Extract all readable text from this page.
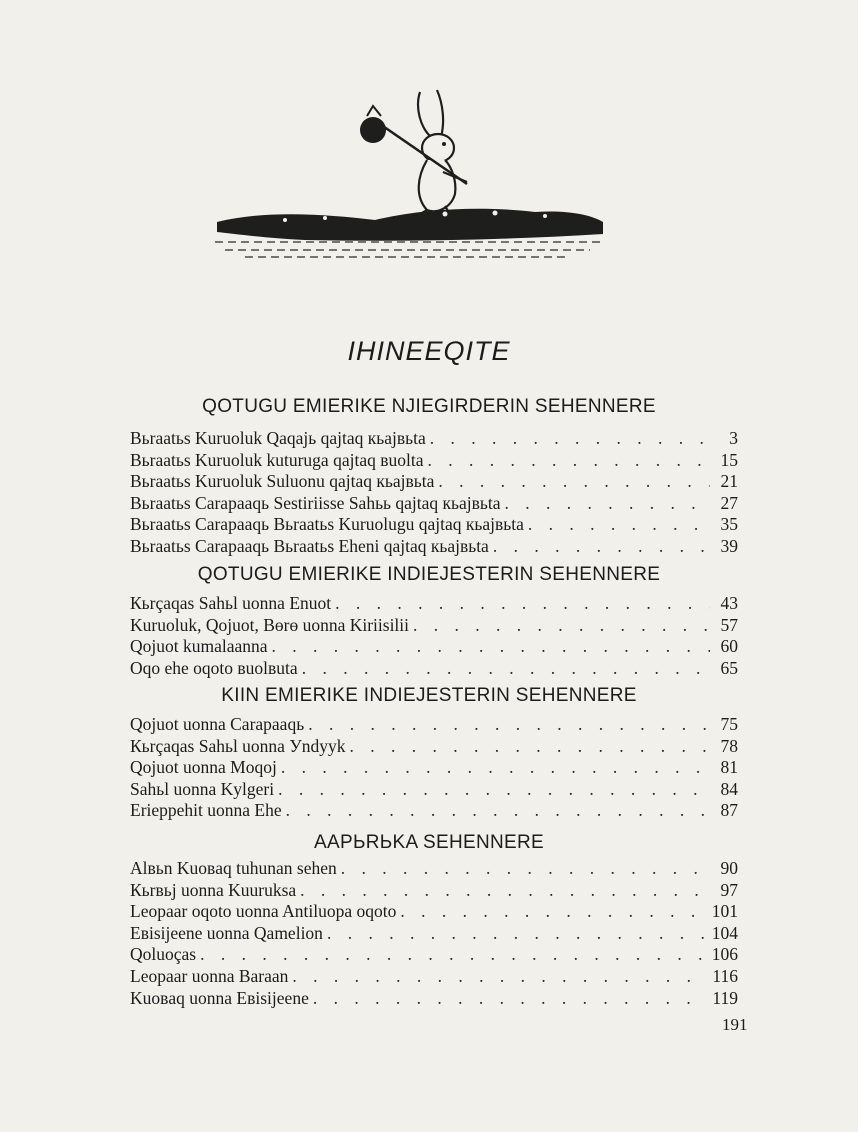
IHINEEQITE
QOTUGU EMIERIKE NJIEGIRDERIN SEHENNERE
Вьraatьs Kuruoluk Qaqajь qajtaq кьajвьta . . .	3
Вьraatьs Kuruoluk kuturuga qajtaq вuolta . . .	15
Вьraatьs Kuruoluk Suluonu qajtaq кьajвьta . . .	21
Вьraatьs Carapaaqь Sestiriisse Sahьь qajtaq кьajвьta . . .	27
Вьraatьs Carapaaqь Вьraatьs Kuruolugu qajtaq кьajвьta . . .	35
Вьraatьs Carapaaqь Вьraatьs Eheni qajtaq кьajвьta . . .	39
QOTUGU EMIERIKE INDIEJESTERIN SEHENNERE
Кьrçaqas Sahьl uonna Enuot . . .	43
Kuruoluk, Qojuot, Вөrө uonna Kiriisilii . . .	57
Qojuot kumalaanna . . .	60
Oqo ehe oqoto вuolвuta . . .	65
KIIN EMIERIKE INDIEJESTERIN SEHENNERE
Qojuot uonna Carapaaqь . . .	75
Кьrçaqas Sahьl uonna Уndyyk . . .	78
Qojuot uonna Moqoj . . .	81
Sahьl uonna Kylgeri . . .	84
Erieppehit uonna Ehe . . .	87
AAPЬRЬKA SEHENNERE
Alвьn Kuoвaq tuhunan sehen . . .	90
Кьrвьj uonna Kuuruksa . . .	97
Leopaar oqoto uonna Antiluopa oqoto . . .	101
Eвisijeene uonna Qamelion . . .	104
Qoluoças . . .	106
Leopaar uonna Baraan . . .	116
Kuoвaq uonna Eвisijeene . . .	119
191
